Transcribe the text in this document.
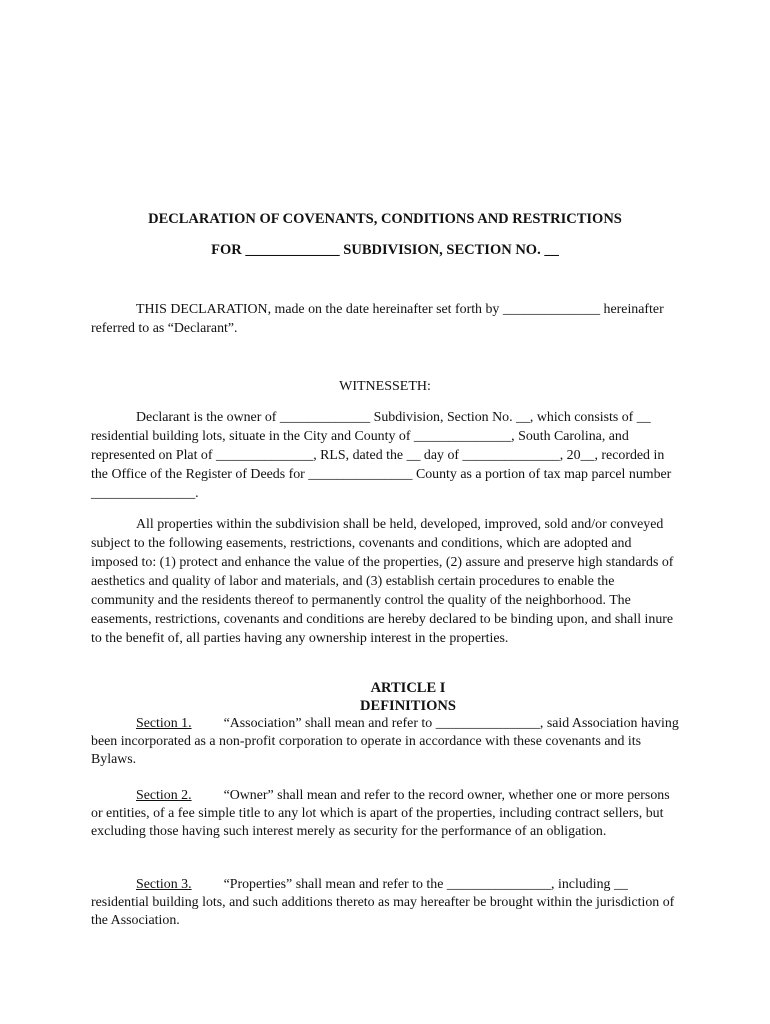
DECLARATION OF COVENANTS, CONDITIONS AND RESTRICTIONS

FOR _____________ SUBDIVISION, SECTION NO. __

THIS DECLARATION, made on the date hereinafter set forth by ______________ hereinafter referred to as “Declarant”.

WITNESSETH:

Declarant is the owner of _____________ Subdivision, Section No. __, which consists of __ residential building lots, situate in the City and County of ______________, South Carolina, and represented on Plat of ______________, RLS, dated the __ day of ______________, 20__, recorded in the Office of the Register of Deeds for _______________ County as a portion of tax map parcel number _______________.

All properties within the subdivision shall be held, developed, improved, sold and/or conveyed subject to the following easements, restrictions, covenants and conditions, which are adopted and imposed to: (1) protect and enhance the value of the properties, (2) assure and preserve high standards of aesthetics and quality of labor and materials, and (3) establish certain procedures to enable the community and the residents thereof to permanently control the quality of the neighborhood. The easements, restrictions, covenants and conditions are hereby declared to be binding upon, and shall inure to the benefit of, all parties having any ownership interest in the properties.

ARTICLE I

DEFINITIONS

Section 1. “Association” shall mean and refer to _______________, said Association having been incorporated as a non-profit corporation to operate in accordance with these covenants and its Bylaws.

Section 2. “Owner” shall mean and refer to the record owner, whether one or more persons or entities, of a fee simple title to any lot which is apart of the properties, including contract sellers, but excluding those having such interest merely as security for the performance of an obligation.

Section 3. “Properties” shall mean and refer to the _______________, including __ residential building lots, and such additions thereto as may hereafter be brought within the jurisdiction of the Association.
